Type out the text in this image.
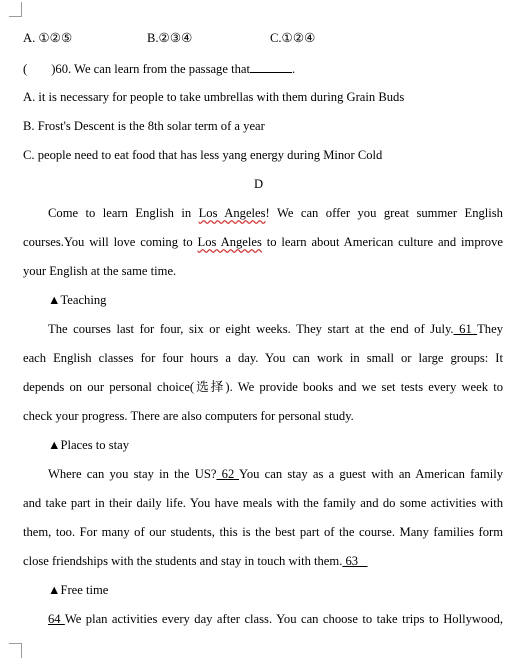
A. ①②⑤	B.②③④	C.①②④
( )60. We can learn from the passage that	.
A. it is necessary for people to take umbrellas with them during Grain Buds
B. Frost's Descent is the 8th solar term of a year
C. people need to eat food that has less yang energy during Minor Cold
D
Come to learn English in Los Angeles! We can offer you great summer English
courses.You will love coming to Los Angeles to learn about American culture and improve
your English at the same time.
▲Teaching
The courses last for four, six or eight weeks. They start at the end of July. 61 They
each English classes for four hours a day. You can work in small or large groups: It
depends on our personal choice(选择). We provide books and we set tests every week to
check your progress. There are also computers for personal study.
▲Places to stay
Where can you stay in the US? 62 You can stay as a guest with an American family
and take part in their daily life. You have meals with the family and do some activities with
them, too. For many of our students, this is the best part of the course. Many families form
close friendships with the students and stay in touch with them. 63
▲Free time
64 We plan activities every day after class. You can choose to take trips to Hollywood,
